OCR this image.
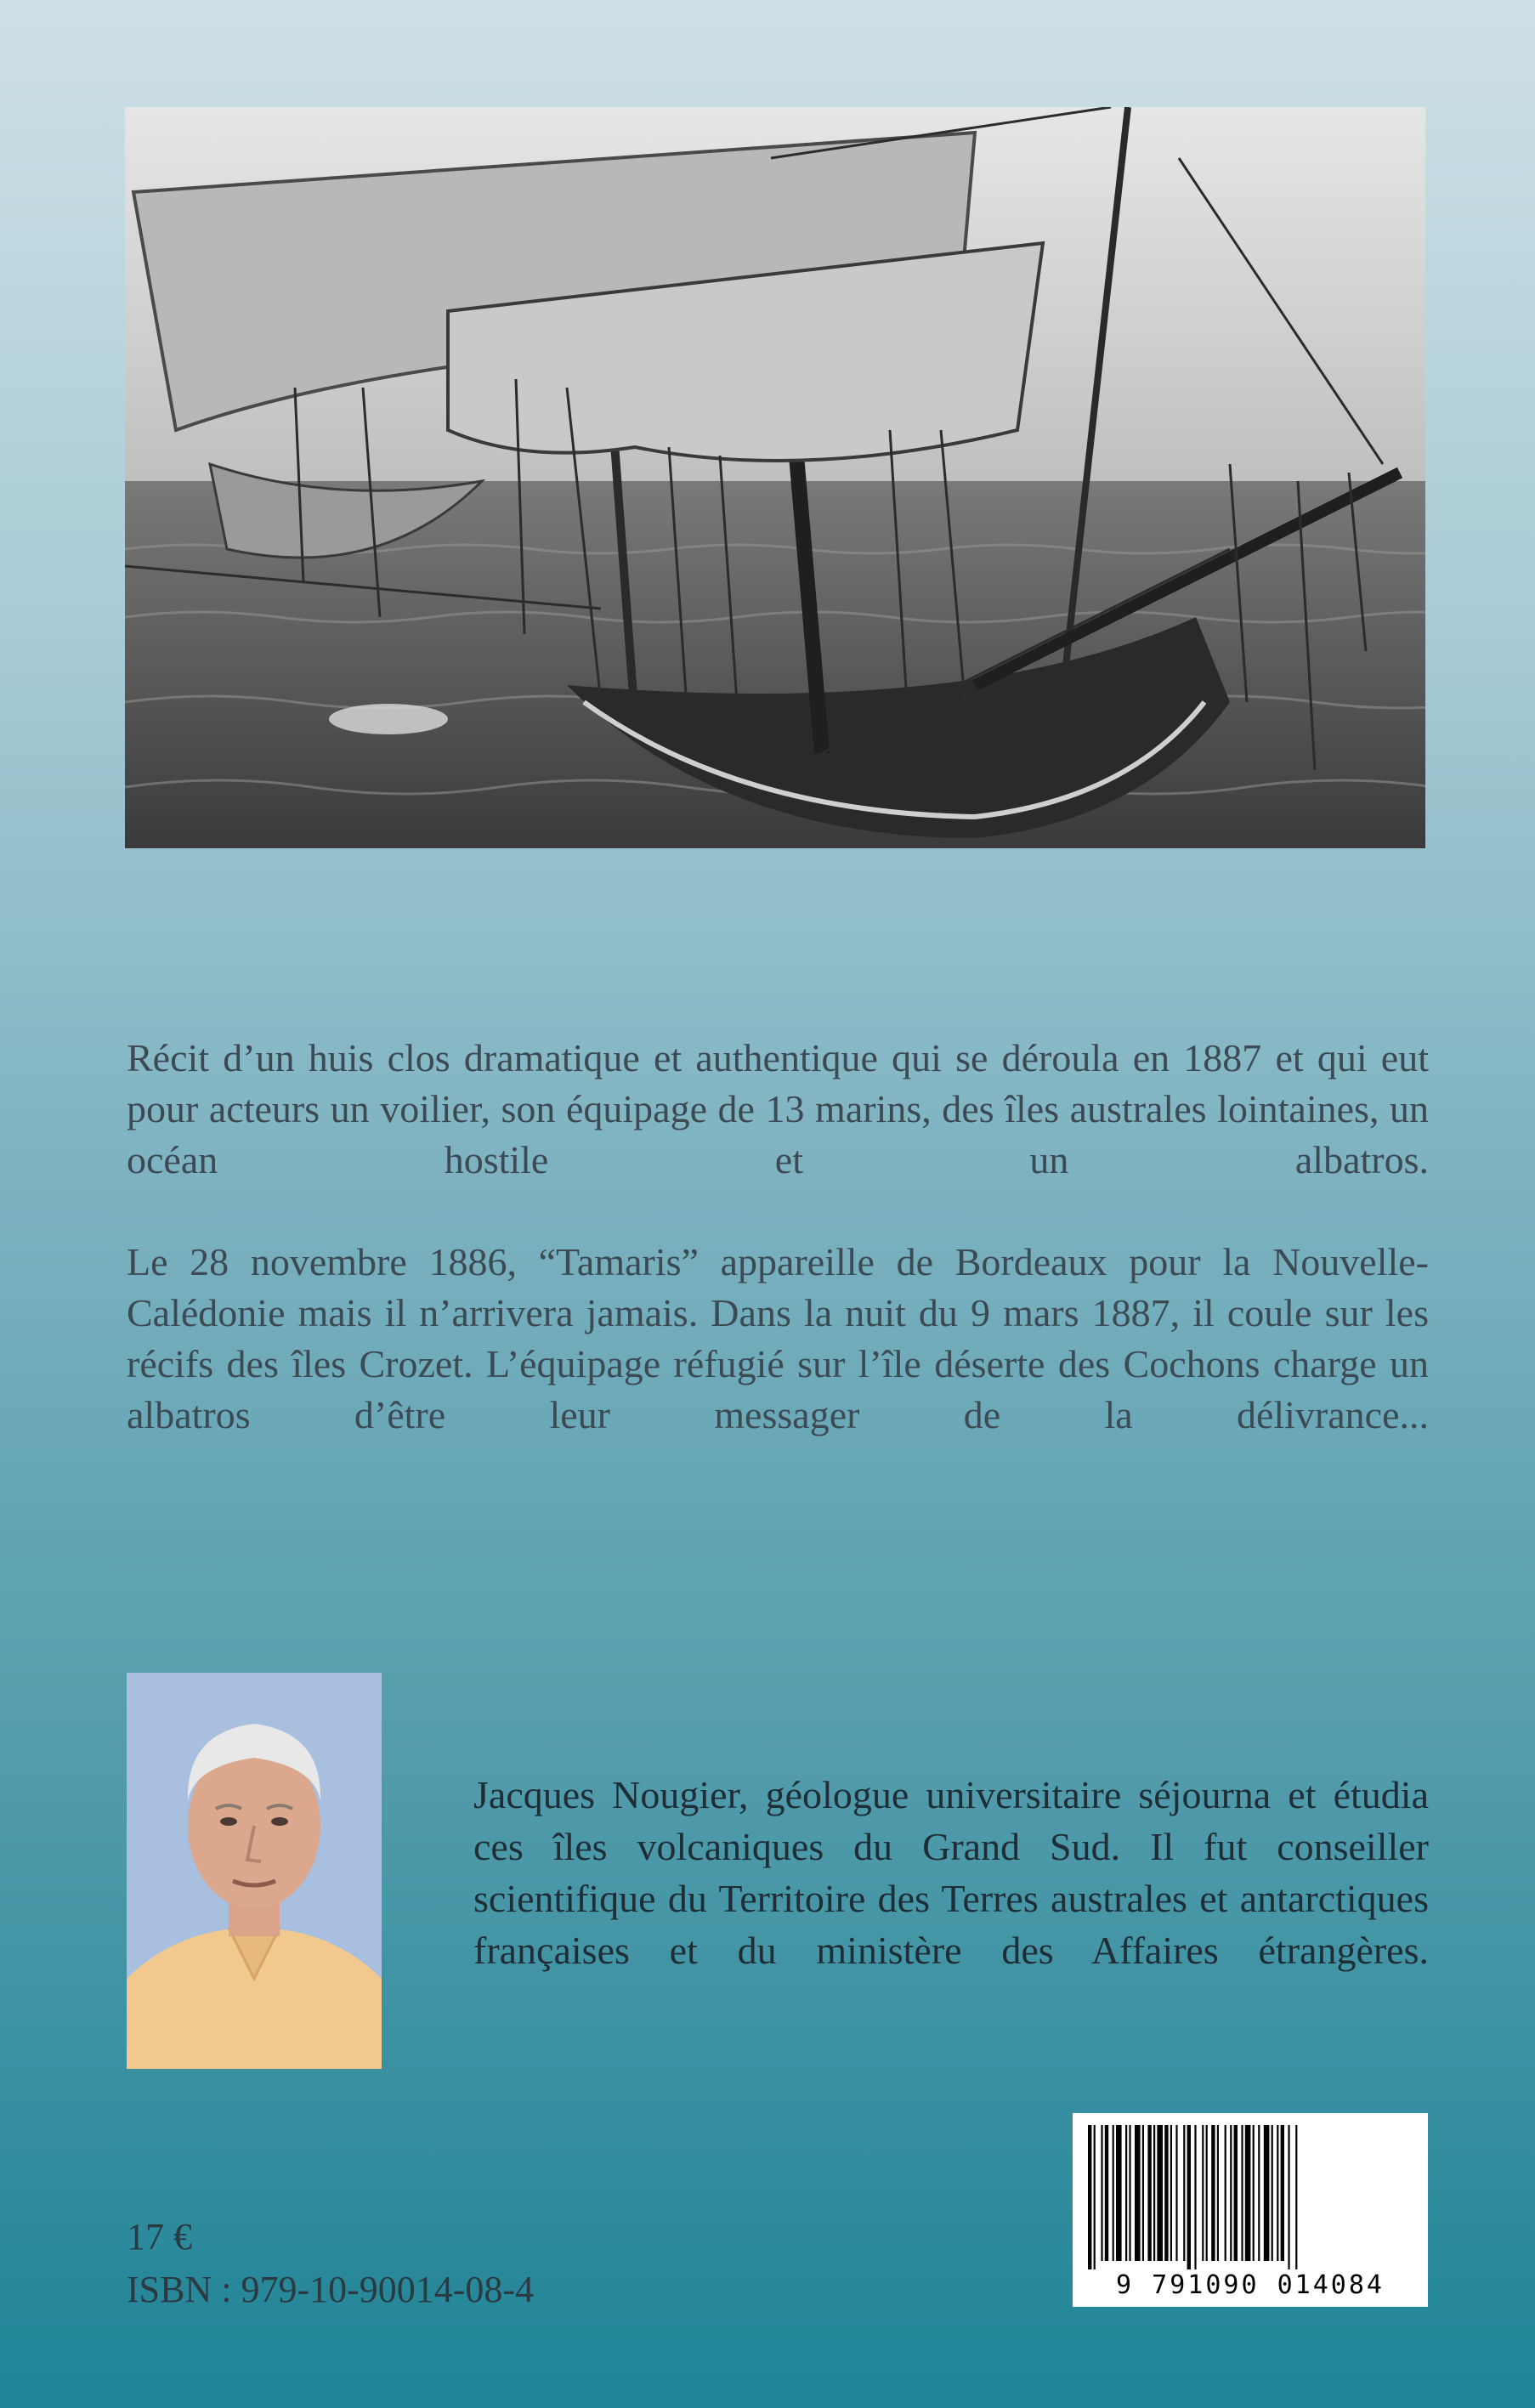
Récit d’un huis clos dramatique et authentique qui se déroula en 1887 et qui eut pour acteurs un voilier, son équipage de 13 marins, des îles australes lointaines, un océan hostile et un albatros.

Le 28 novembre 1886, “Tamaris” appareille de Bordeaux pour la Nouvelle-Calédonie mais il n’arrivera jamais. Dans la nuit du 9 mars 1887, il coule sur les récifs des îles Crozet. L’équipage réfugié sur l’île déserte des Cochons charge un albatros d’être leur messager de la délivrance...

Jacques Nougier, géologue universitaire séjourna et étudia ces îles volcaniques du Grand Sud. Il fut conseiller scientifique du Territoire des Terres australes et antarctiques françaises et du ministère des Affaires étrangères.

17 €
ISBN : 979-10-90014-08-4	9 791090 014084
